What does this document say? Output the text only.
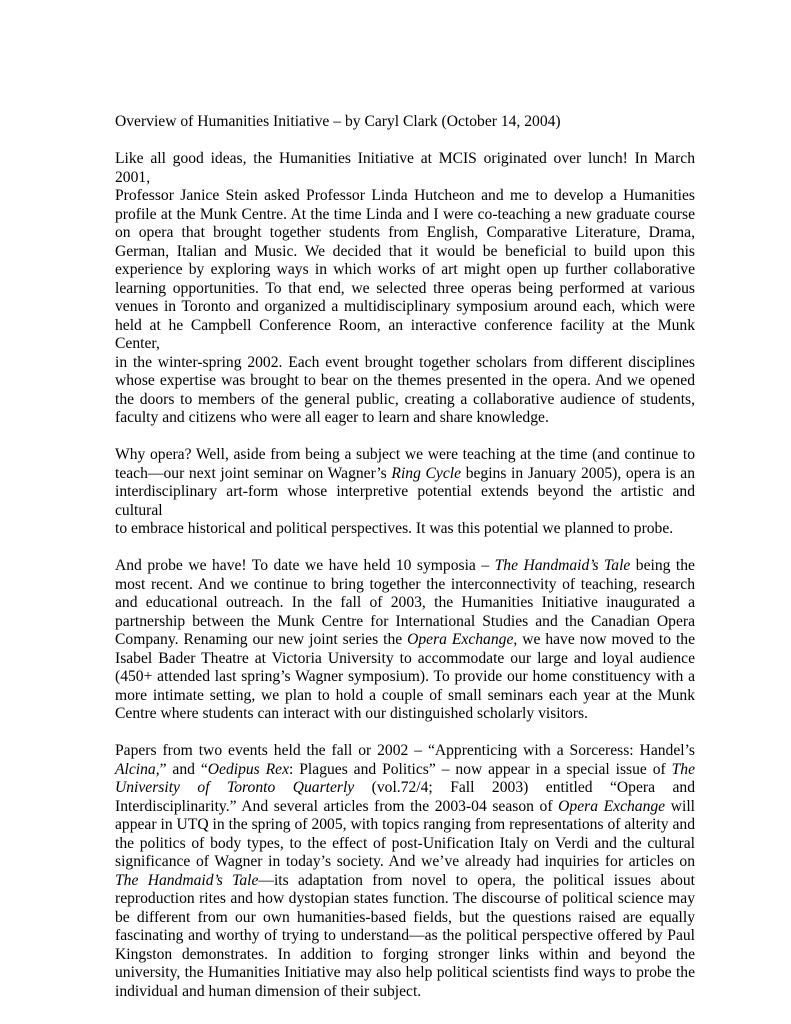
Overview of Humanities Initiative – by Caryl Clark (October 14, 2004)

Like all good ideas, the Humanities Initiative at MCIS originated over lunch! In March 2001,
Professor Janice Stein asked Professor Linda Hutcheon and me to develop a Humanities
profile at the Munk Centre. At the time Linda and I were co-teaching a new graduate course
on opera that brought together students from English, Comparative Literature, Drama,
German, Italian and Music. We decided that it would be beneficial to build upon this
experience by exploring ways in which works of art might open up further collaborative
learning opportunities. To that end, we selected three operas being performed at various
venues in Toronto and organized a multidisciplinary symposium around each, which were
held at he Campbell Conference Room, an interactive conference facility at the Munk Center,
in the winter-spring 2002. Each event brought together scholars from different disciplines
whose expertise was brought to bear on the themes presented in the opera. And we opened
the doors to members of the general public, creating a collaborative audience of students,
faculty and citizens who were all eager to learn and share knowledge.
Why opera? Well, aside from being a subject we were teaching at the time (and continue to
teach—our next joint seminar on Wagner’s Ring Cycle begins in January 2005), opera is an
interdisciplinary art-form whose interpretive potential extends beyond the artistic and cultural
to embrace historical and political perspectives. It was this potential we planned to probe.
And probe we have! To date we have held 10 symposia – The Handmaid’s Tale being the
most recent. And we continue to bring together the interconnectivity of teaching, research
and educational outreach. In the fall of 2003, the Humanities Initiative inaugurated a
partnership between the Munk Centre for International Studies and the Canadian Opera
Company. Renaming our new joint series the Opera Exchange, we have now moved to the
Isabel Bader Theatre at Victoria University to accommodate our large and loyal audience
(450+ attended last spring’s Wagner symposium). To provide our home constituency with a
more intimate setting, we plan to hold a couple of small seminars each year at the Munk
Centre where students can interact with our distinguished scholarly visitors.
Papers from two events held the fall or 2002 – “Apprenticing with a Sorceress: Handel’s
Alcina,” and “Oedipus Rex: Plagues and Politics” – now appear in a special issue of The
University of Toronto Quarterly (vol.72/4; Fall 2003) entitled “Opera and
Interdisciplinarity.” And several articles from the 2003-04 season of Opera Exchange will
appear in UTQ in the spring of 2005, with topics ranging from representations of alterity and
the politics of body types, to the effect of post-Unification Italy on Verdi and the cultural
significance of Wagner in today’s society. And we’ve already had inquiries for articles on
The Handmaid’s Tale—its adaptation from novel to opera, the political issues about
reproduction rites and how dystopian states function. The discourse of political science may
be different from our own humanities-based fields, but the questions raised are equally
fascinating and worthy of trying to understand—as the political perspective offered by Paul
Kingston demonstrates. In addition to forging stronger links within and beyond the
university, the Humanities Initiative may also help political scientists find ways to probe the
individual and human dimension of their subject.
